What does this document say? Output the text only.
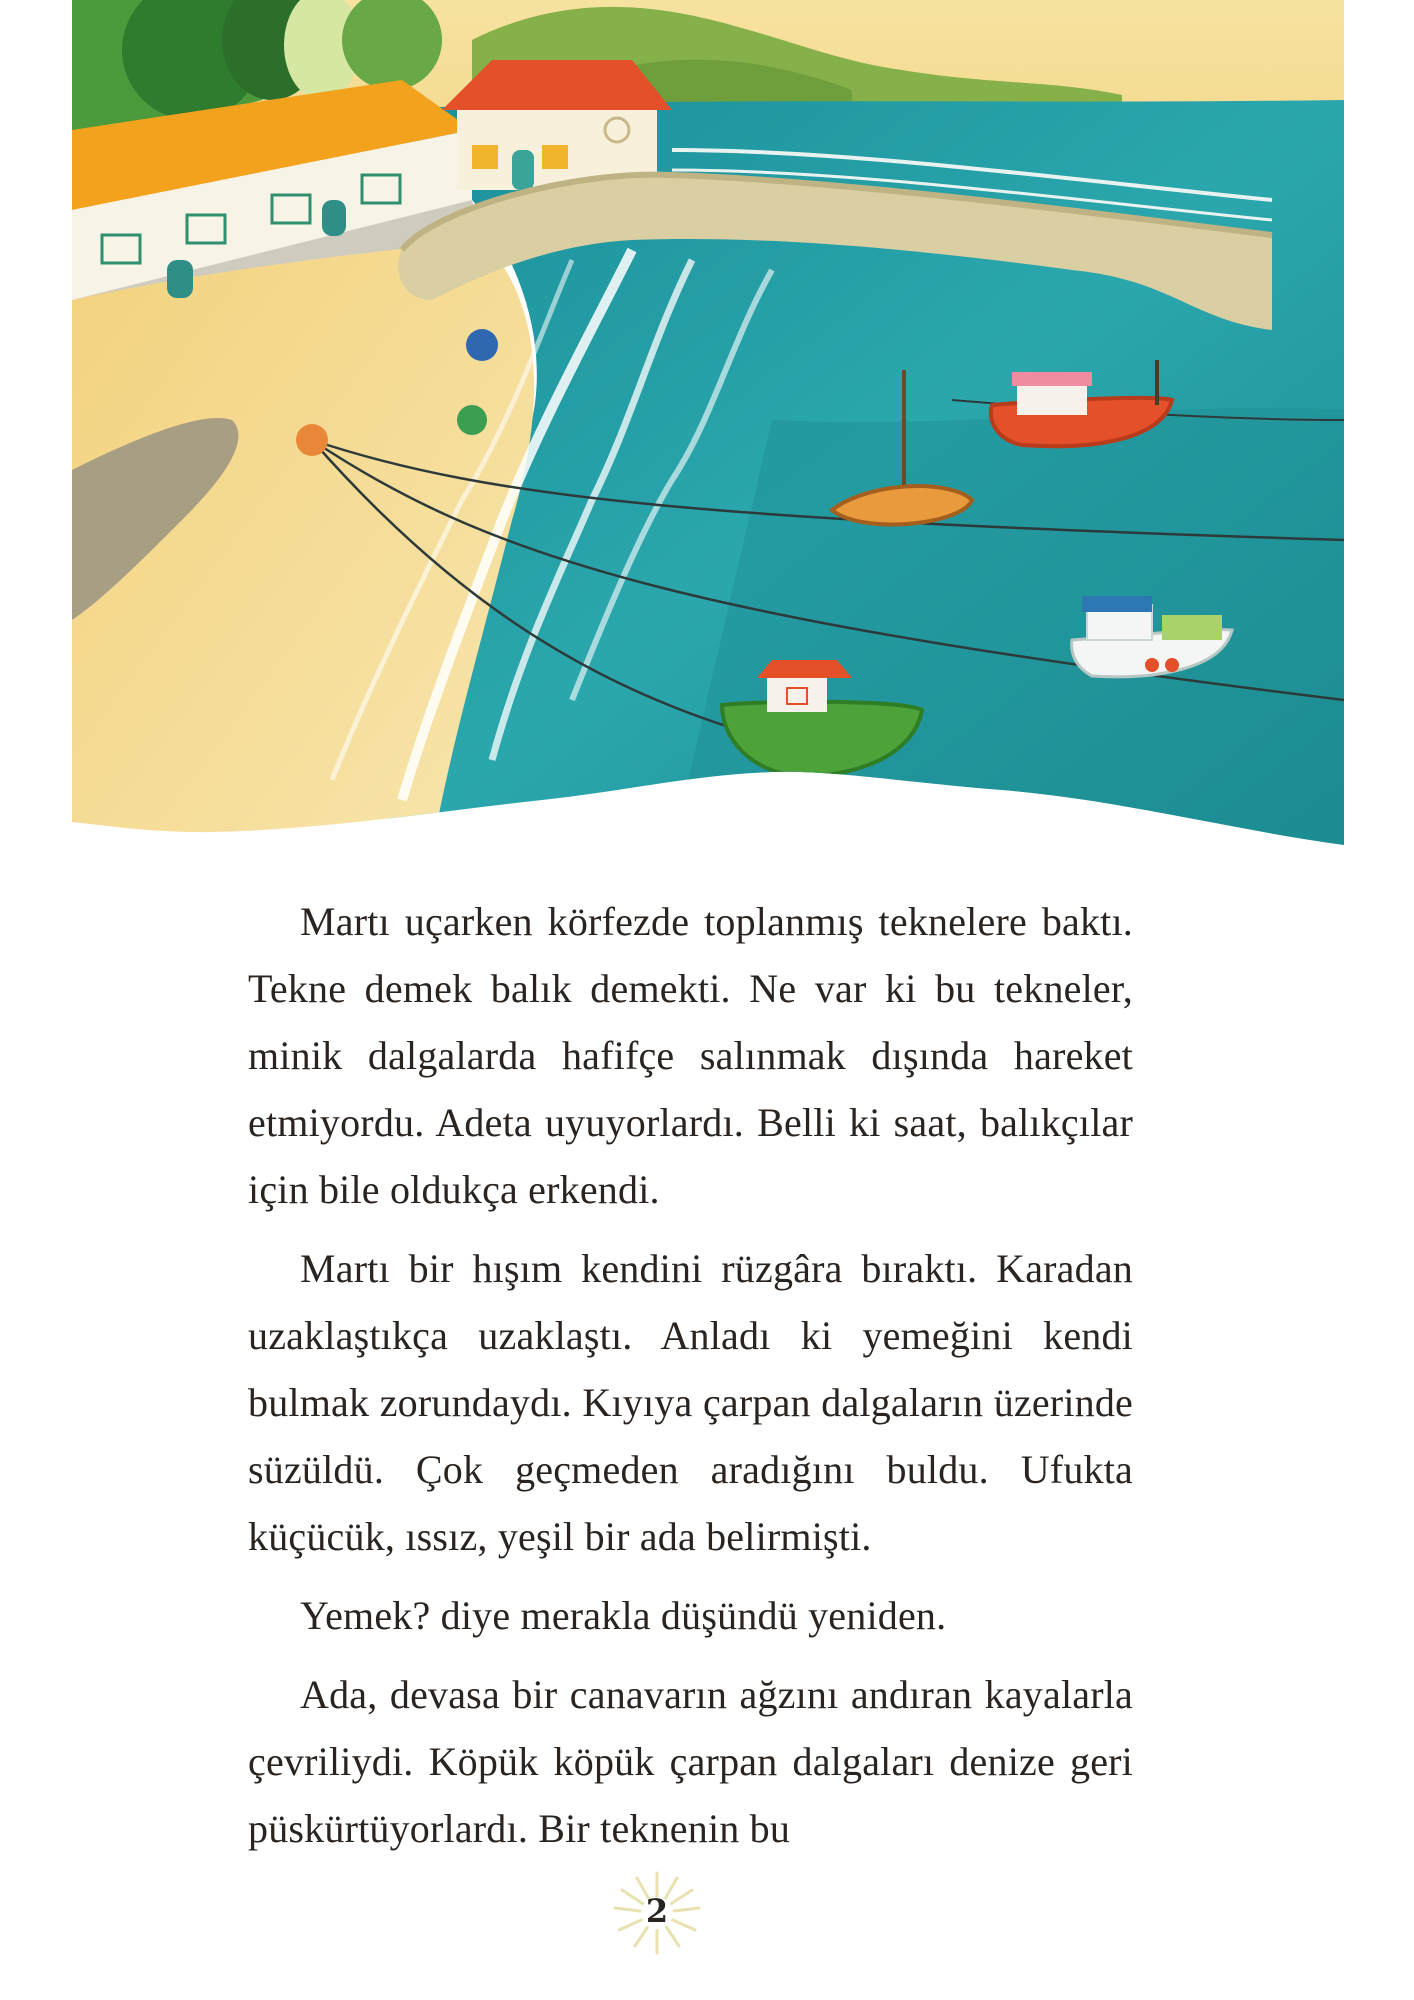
Martı uçarken körfezde toplanmış teknelere baktı. Tekne demek balık demekti. Ne var ki bu tekneler, minik dalgalarda hafifçe salınmak dışında hareket etmiyordu. Adeta uyuyorlardı. Belli ki saat, balıkçılar için bile oldukça erkendi.

Martı bir hışım kendini rüzgâra bıraktı. Karadan uzaklaştıkça uzaklaştı. Anladı ki yemeğini kendi bulmak zorundaydı. Kıyıya çarpan dalgaların üzerinde süzüldü. Çok geçmeden aradığını buldu. Ufukta küçücük, ıssız, yeşil bir ada belirmişti.

Yemek? diye merakla düşündü yeniden.

Ada, devasa bir canavarın ağzını andıran kayalarla çevriliydi. Köpük köpük çarpan dalgaları denize geri püskürtüyorlardı. Bir teknenin bu

2
